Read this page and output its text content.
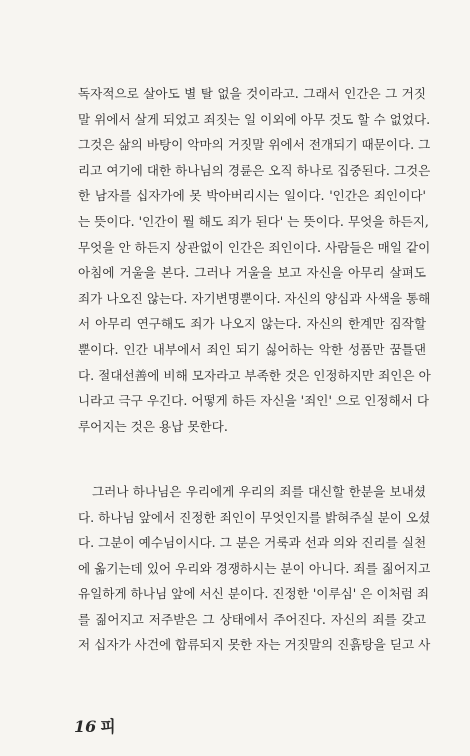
독자적으로 살아도 별 탈 없을 것이라고. 그래서 인간은 그 거짓
말 위에서 살게 되었고 죄짓는 일 이외에 아무 것도 할 수 없었다.
그것은 삶의 바탕이 악마의 거짓말 위에서 전개되기 때문이다. 그
리고 여기에 대한 하나님의 경륜은 오직 하나로 집중된다. 그것은
한 남자를 십자가에 못 박아버리시는 일이다. '인간은 죄인이다'
는 뜻이다. '인간이 뭘 해도 죄가 된다' 는 뜻이다. 무엇을 하든지,
무엇을 안 하든지 상관없이 인간은 죄인이다. 사람들은 매일 같이
아침에 거울을 본다. 그러나 거울을 보고 자신을 아무리 살펴도
죄가 나오진 않는다. 자기변명뿐이다. 자신의 양심과 사색을 통해
서 아무리 연구해도 죄가 나오지 않는다. 자신의 한계만 짐작할
뿐이다. 인간 내부에서 죄인 되기 싫어하는 악한 성품만 꿈틀댄
다. 절대선善에 비해 모자라고 부족한 것은 인정하지만 죄인은 아
니라고 극구 우긴다. 어떻게 하든 자신을 '죄인' 으로 인정해서 다
루어지는 것은 용납 못한다.
그러나 하나님은 우리에게 우리의 죄를 대신할 한분을 보내셨
다. 하나님 앞에서 진정한 죄인이 무엇인지를 밝혀주실 분이 오셨
다. 그분이 예수님이시다. 그 분은 거룩과 선과 의와 진리를 실천
에 옮기는데 있어 우리와 경쟁하시는 분이 아니다. 죄를 짊어지고
유일하게 하나님 앞에 서신 분이다. 진정한 '이루심' 은 이처럼 죄
를 짊어지고 저주받은 그 상태에서 주어진다. 자신의 죄를 갖고
저 십자가 사건에 합류되지 못한 자는 거짓말의 진흙탕을 딛고 사
16 피
